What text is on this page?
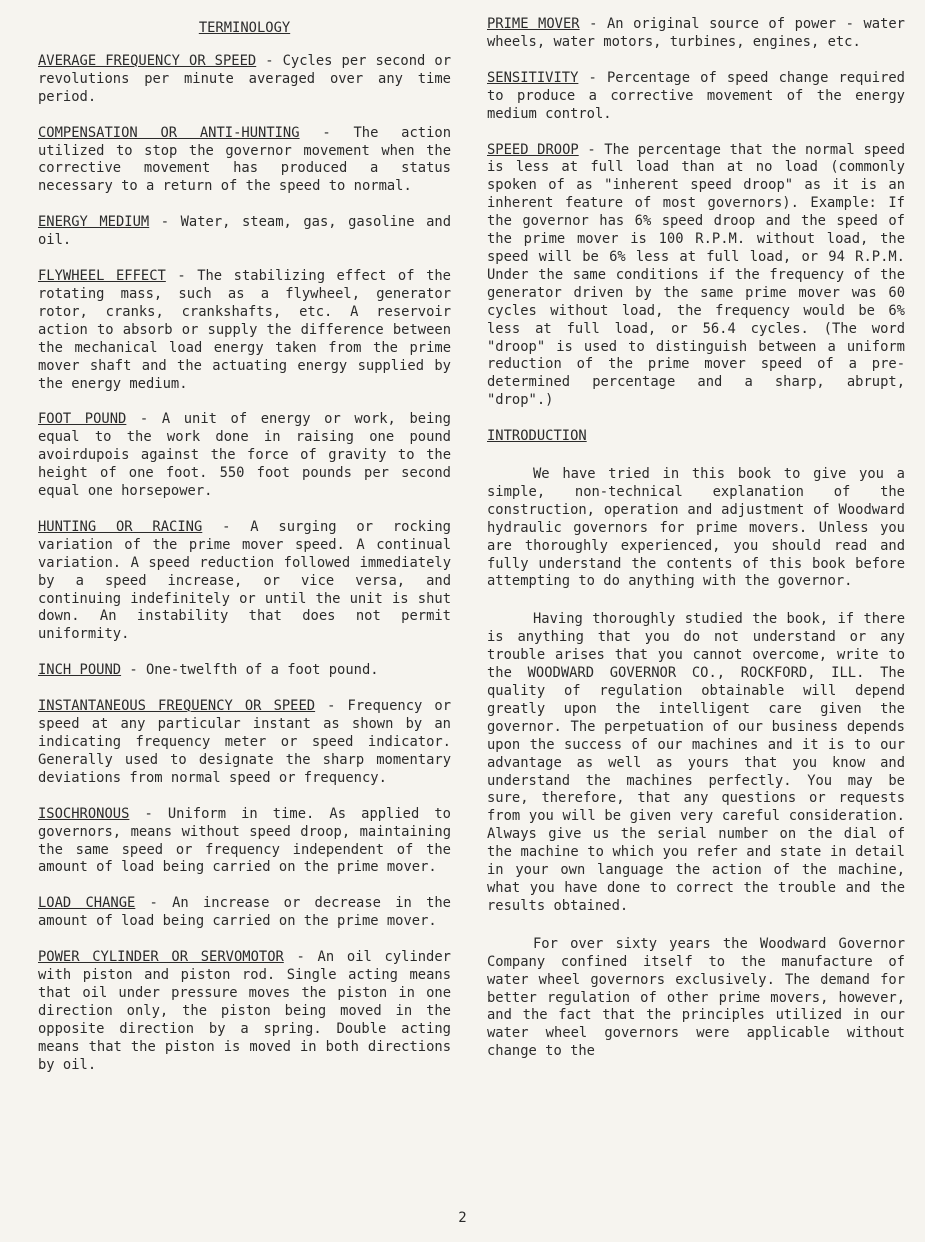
TERMINOLOGY

AVERAGE FREQUENCY OR SPEED - Cycles per second or revolutions per minute averaged over any time period.

COMPENSATION OR ANTI-HUNTING - The action utilized to stop the governor movement when the corrective movement has produced a status necessary to a return of the speed to normal.

ENERGY MEDIUM - Water, steam, gas, gasoline and oil.

FLYWHEEL EFFECT - The stabilizing effect of the rotating mass, such as a flywheel, generator rotor, cranks, crankshafts, etc. A reservoir action to absorb or supply the difference between the mechanical load energy taken from the prime mover shaft and the actuating energy supplied by the energy medium.

FOOT POUND - A unit of energy or work, being equal to the work done in raising one pound avoirdupois against the force of gravity to the height of one foot. 550 foot pounds per second equal one horsepower.

HUNTING OR RACING - A surging or rocking variation of the prime mover speed. A continual variation. A speed reduction followed immediately by a speed increase, or vice versa, and continuing indefinitely or until the unit is shut down. An instability that does not permit uniformity.

INCH POUND - One-twelfth of a foot pound.

INSTANTANEOUS FREQUENCY OR SPEED - Frequency or speed at any particular instant as shown by an indicating frequency meter or speed indicator. Generally used to designate the sharp momentary deviations from normal speed or frequency.

ISOCHRONOUS - Uniform in time. As applied to governors, means without speed droop, maintaining the same speed or frequency independent of the amount of load being carried on the prime mover.

LOAD CHANGE - An increase or decrease in the amount of load being carried on the prime mover.

POWER CYLINDER OR SERVOMOTOR - An oil cylinder with piston and piston rod. Single acting means that oil under pressure moves the piston in one direction only, the piston being moved in the opposite direction by a spring. Double acting means that the piston is moved in both directions by oil.

PRIME MOVER - An original source of power - water wheels, water motors, turbines, engines, etc.

SENSITIVITY - Percentage of speed change required to produce a corrective movement of the energy medium control.

SPEED DROOP - The percentage that the normal speed is less at full load than at no load (commonly spoken of as "inherent speed droop" as it is an inherent feature of most governors). Example: If the governor has 6% speed droop and the speed of the prime mover is 100 R.P.M. without load, the speed will be 6% less at full load, or 94 R.P.M. Under the same conditions if the frequency of the generator driven by the same prime mover was 60 cycles without load, the frequency would be 6% less at full load, or 56.4 cycles. (The word "droop" is used to distinguish between a uniform reduction of the prime mover speed of a pre-determined percentage and a sharp, abrupt, "drop".)

INTRODUCTION

We have tried in this book to give you a simple, non-technical explanation of the construction, operation and adjustment of Woodward hydraulic governors for prime movers. Unless you are thoroughly experienced, you should read and fully understand the contents of this book before attempting to do anything with the governor.

Having thoroughly studied the book, if there is anything that you do not understand or any trouble arises that you cannot overcome, write to the WOODWARD GOVERNOR CO., ROCKFORD, ILL. The quality of regulation obtainable will depend greatly upon the intelligent care given the governor. The perpetuation of our business depends upon the success of our machines and it is to our advantage as well as yours that you know and understand the machines perfectly. You may be sure, therefore, that any questions or requests from you will be given very careful consideration. Always give us the serial number on the dial of the machine to which you refer and state in detail in your own language the action of the machine, what you have done to correct the trouble and the results obtained.

For over sixty years the Woodward Governor Company confined itself to the manufacture of water wheel governors exclusively. The demand for better regulation of other prime movers, however, and the fact that the principles utilized in our water wheel governors were applicable without change to the

2
